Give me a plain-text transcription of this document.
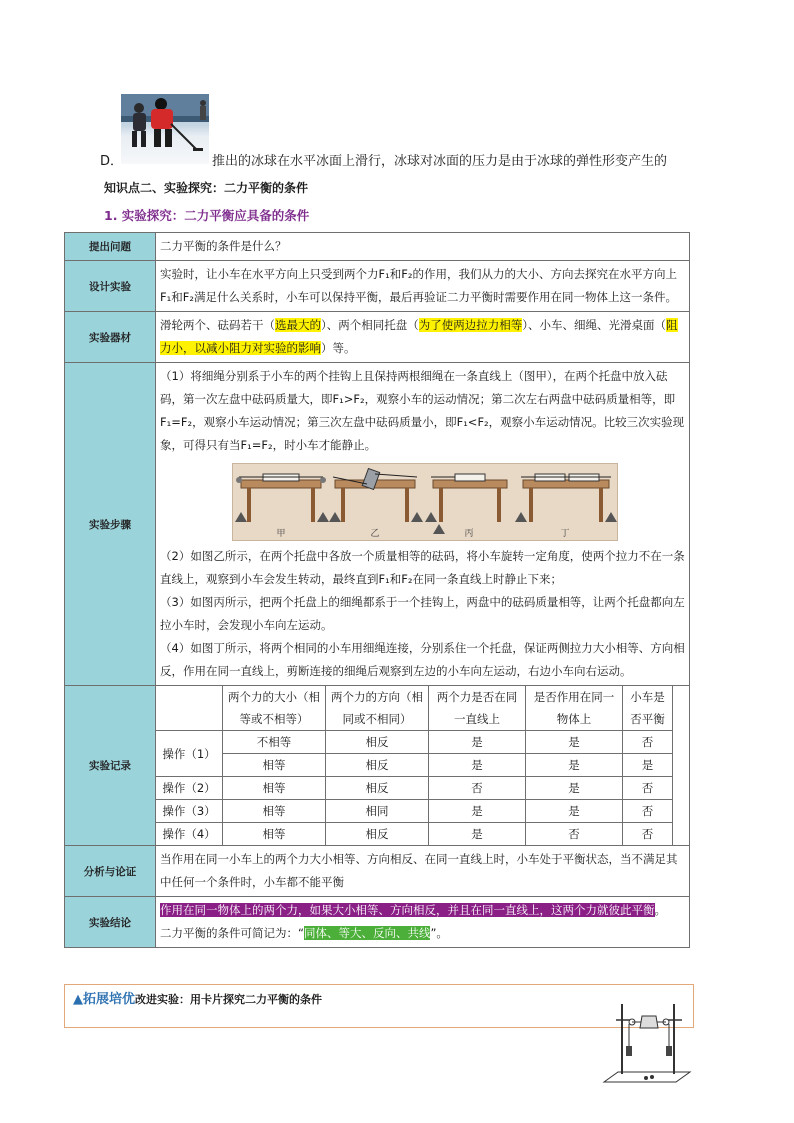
D．	推出的冰球在水平冰面上滑行，冰球对冰面的压力是由于冰球的弹性形变产生的
知识点二、实验探究：二力平衡的条件
1. 实验探究：二力平衡应具备的条件
提出问题	二力平衡的条件是什么？
设计实验	实验时，让小车在水平方向上只受到两个力F₁和F₂的作用，我们从力的大小、方向去探究在水平方向上F₁和F₂满足什么关系时，小车可以保持平衡，最后再验证二力平衡时需要作用在同一物体上这一条件。
实验器材	滑轮两个、砝码若干（选最大的）、两个相同托盘（为了使两边拉力相等）、小车、细绳、光滑桌面（阻力小，以减小阻力对实验的影响）等。
实验步骤	
（1）将细绳分别系于小车的两个挂钩上且保持两根细绳在一条直线上（图甲），在两个托盘中放入砝码，第一次左盘中砝码质量大，即F₁>F₂，观察小车的运动情况；第二次左右两盘中砝码质量相等，即F₁=F₂，观察小车运动情况；第三次左盘中砝码质量小，即F₁<F₂，观察小车运动情况。比较三次实验现象，可得只有当F₁=F₂，时小车才能静止。
甲	乙	丙	丁
（2）如图乙所示，在两个托盘中各放一个质量相等的砝码，将小车旋转一定角度，使两个拉力不在一条直线上，观察到小车会发生转动，最终直到F₁和F₂在同一条直线上时静止下来；
（3）如图丙所示，把两个托盘上的细绳都系于一个挂钩上，两盘中的砝码质量相等，让两个托盘都向左拉小车时，会发现小车向左运动。
（4）如图丁所示，将两个相同的小车用细绳连接，分别系住一个托盘，保证两侧拉力大小相等、方向相反，作用在同一直线上，剪断连接的细绳后观察到左边的小车向左运动，右边小车向右运动。

实验记录	
	两个力的大小（相等或不相等）	两个力的方向（相同或不相同）	两个力是否在同一直线上	是否作用在同一物体上	小车是否平衡
操作（1）	不相等	相反	是	是	否
相等	相反	是	是	是
操作（2）	相等	相反	否	是	否
操作（3）	相等	相同	是	是	否
操作（4）	相等	相反	是	否	否

分析与论证	当作用在同一小车上的两个力大小相等、方向相反、在同一直线上时，小车处于平衡状态，当不满足其中任何一个条件时，小车都不能平衡
实验结论	
作用在同一物体上的两个力，如果大小相等、方向相反，并且在同一直线上，这两个力就彼此平衡。
二力平衡的条件可简记为：“同体、等大、反向、共线”。
▲拓展培优改进实验：用卡片探究二力平衡的条件
